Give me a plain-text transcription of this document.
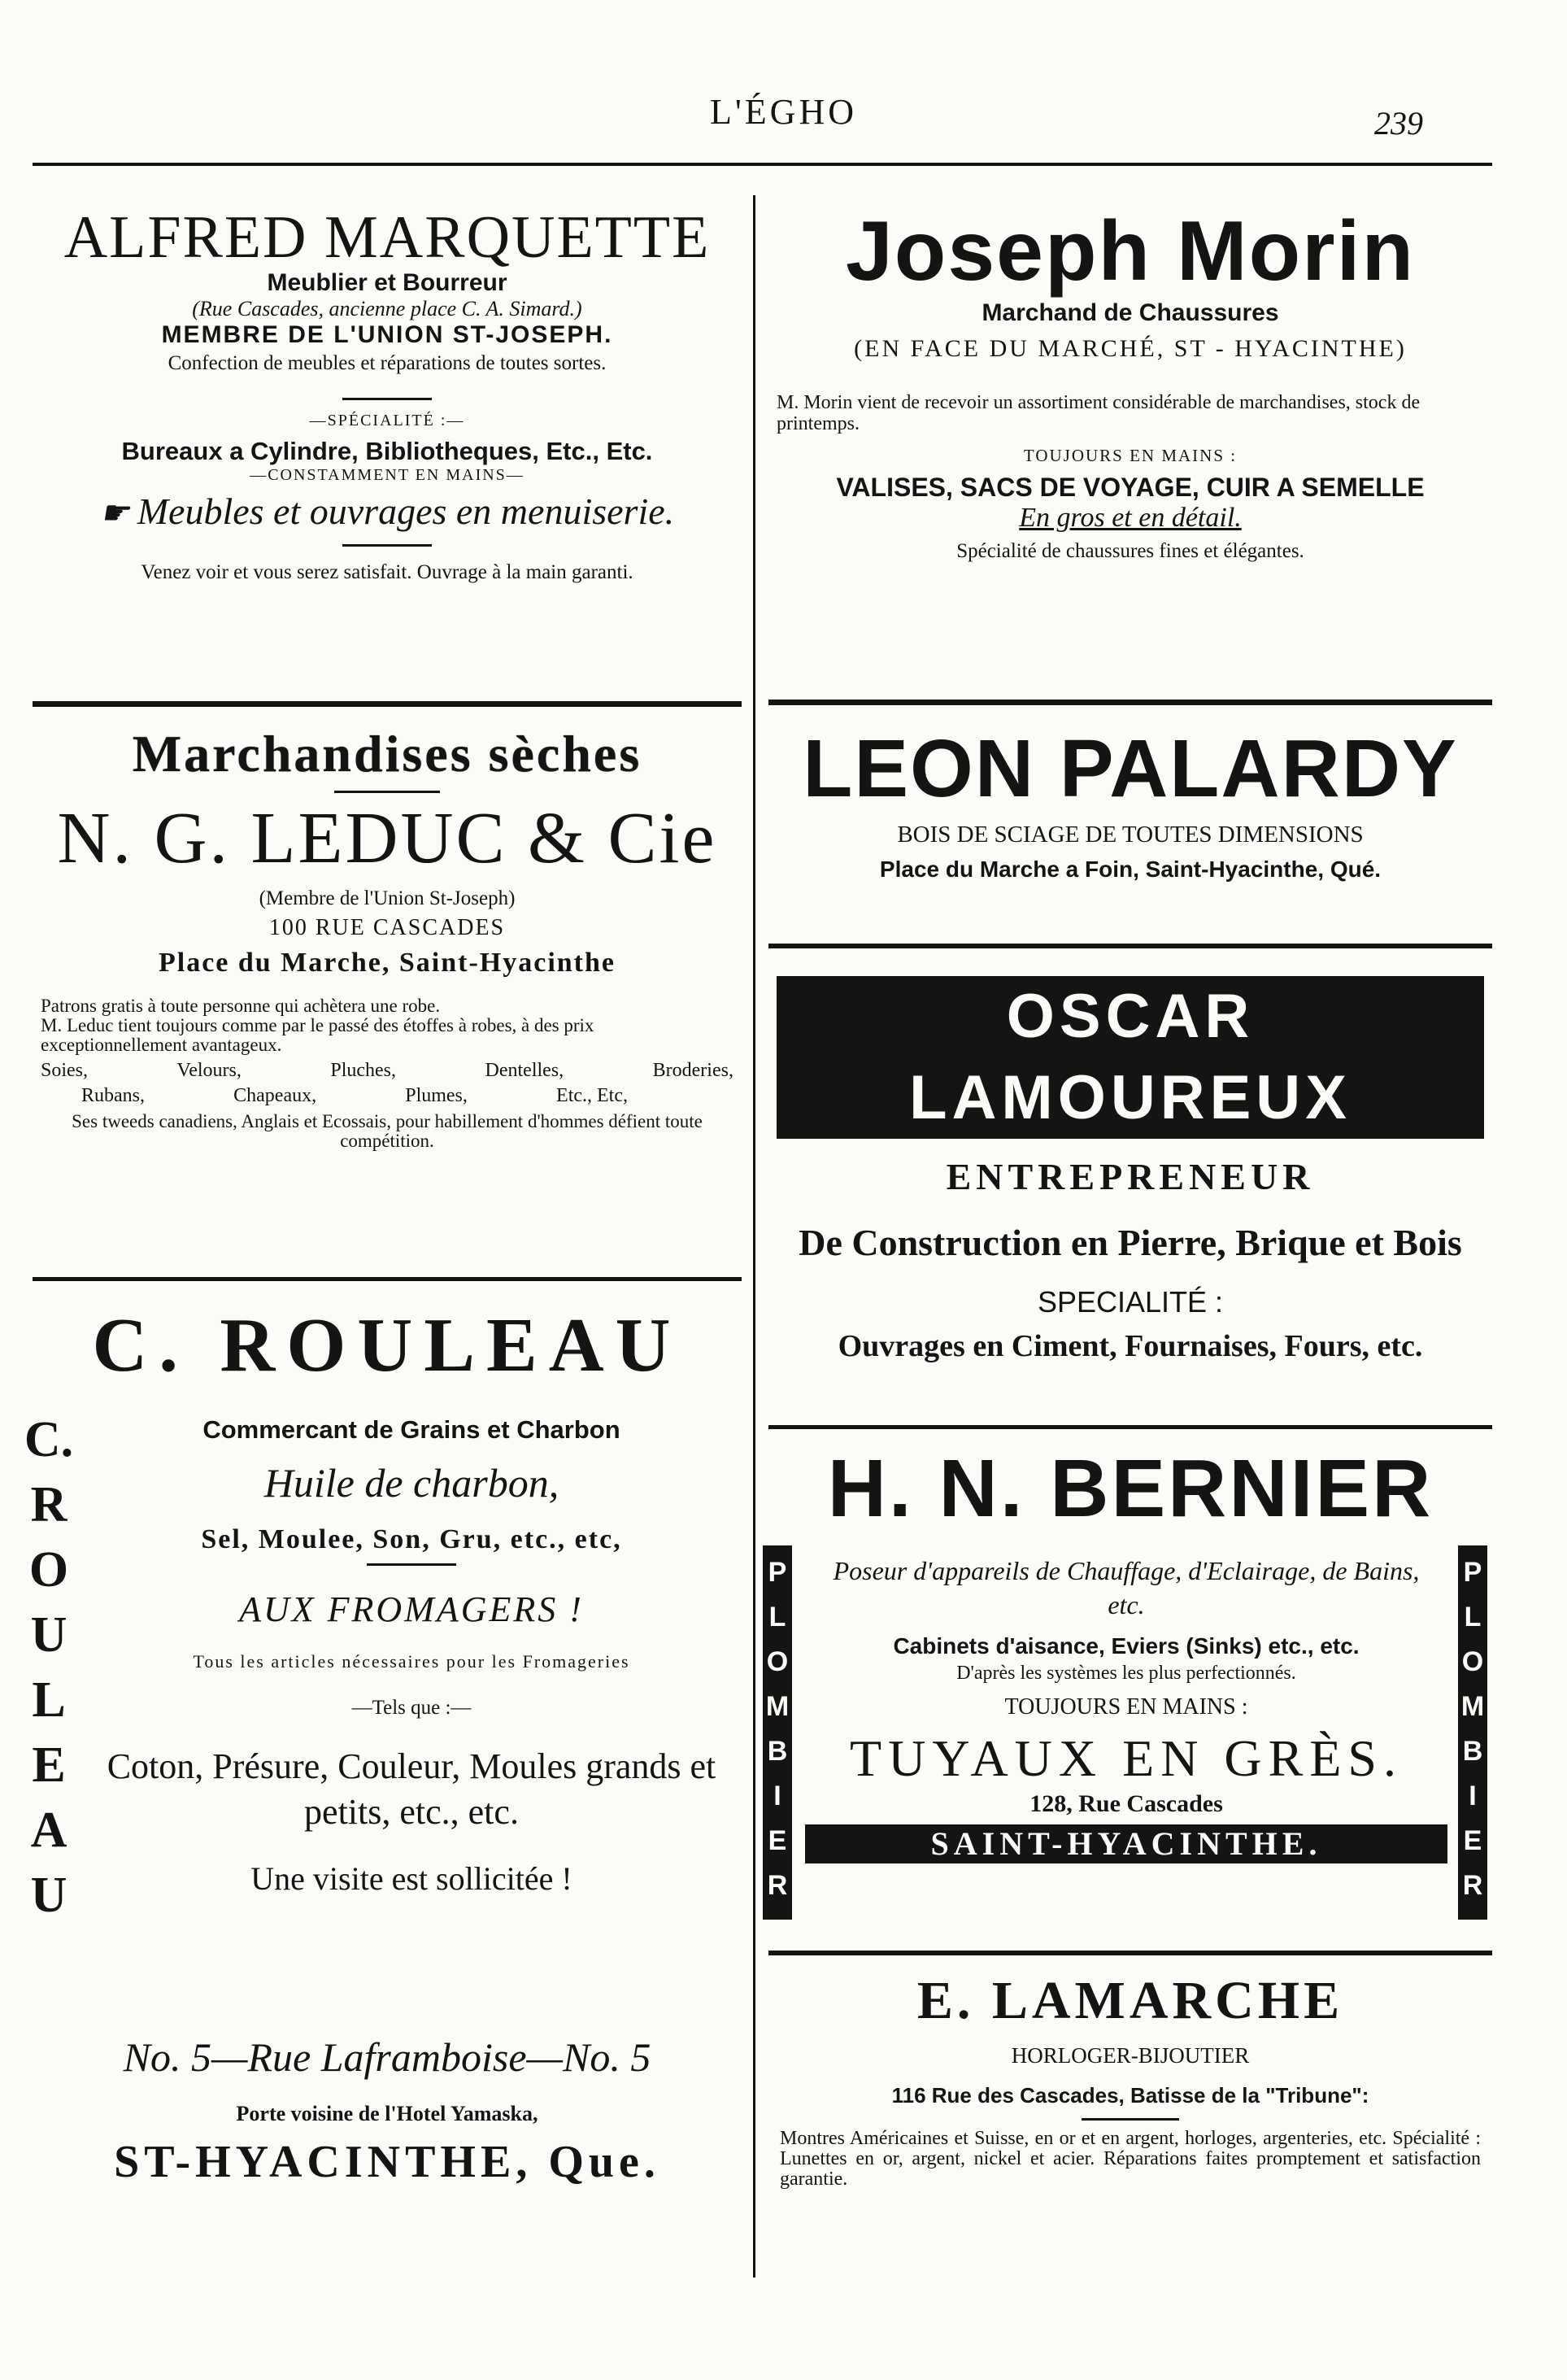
L'ÉGHO	239
ALFRED MARQUETTE
Meublier et Bourreur
(Rue Cascades, ancienne place C. A. Simard.)
MEMBRE DE L'UNION ST-JOSEPH.
Confection de meubles et réparations de toutes sortes.
—SPÉCIALITÉ :—
Bureaux a Cylindre, Bibliotheques, Etc., Etc.
—CONSTAMMENT EN MAINS—
☛ Meubles et ouvrages en menuiserie.
Venez voir et vous serez satisfait. Ouvrage à la main garanti.
Joseph Morin
Marchand de Chaussures
(EN FACE DU MARCHÉ, ST - HYACINTHE)
M. Morin vient de recevoir un assortiment considérable de marchandises, stock de printemps.
TOUJOURS EN MAINS :
VALISES, SACS DE VOYAGE, CUIR A SEMELLE
En gros et en détail.
Spécialité de chaussures fines et élégantes.
Marchandises sèches
N. G. LEDUC & Cie
(Membre de l'Union St-Joseph)
100 RUE CASCADES
Place du Marche, Saint-Hyacinthe
Patrons gratis à toute personne qui achètera une robe.
M. Leduc tient toujours comme par le passé des étoffes à robes, à des prix exceptionnellement avantageux.
Soies,	Velours,	Pluches,	Dentelles,	Broderies,
Rubans,	Chapeaux,	Plumes,	Etc., Etc,
Ses tweeds canadiens, Anglais et Ecossais, pour habillement d'hommes défient toute compétition.
LEON PALARDY
BOIS DE SCIAGE DE TOUTES DIMENSIONS
Place du Marche a Foin, Saint-Hyacinthe, Qué.
OSCAR LAMOUREUX
ENTREPRENEUR
De Construction en Pierre, Brique et Bois
SPECIALITÉ :
Ouvrages en Ciment, Fournaises, Fours, etc.
C.
R
O
U
L
E
A
U
C. ROULEAU
Commercant de Grains et Charbon
Huile de charbon,
Sel, Moulee, Son, Gru, etc., etc,
AUX FROMAGERS !
Tous les articles nécessaires pour les Fromageries
—Tels que :—
Coton, Présure, Couleur, Moules grands et petits, etc., etc.
Une visite est sollicitée !
No. 5—Rue Laframboise—No. 5
Porte voisine de l'Hotel Yamaska,
ST-HYACINTHE, Que.
H. N. BERNIER
P
L
O
M
B
I
E
R
P
L
O
M
B
I
E
R
Poseur d'appareils de Chauffage, d'Eclairage, de Bains, etc.
Cabinets d'aisance, Eviers (Sinks) etc., etc.
D'après les systèmes les plus perfectionnés.
TOUJOURS EN MAINS :
TUYAUX EN GRÈS.
128, Rue Cascades
SAINT-HYACINTHE.
E. LAMARCHE
HORLOGER-BIJOUTIER
116 Rue des Cascades, Batisse de la "Tribune":
Montres Américaines et Suisse, en or et en argent, horloges, argenteries, etc. Spécialité : Lunettes en or, argent, nickel et acier. Réparations faites promptement et satisfaction garantie.
